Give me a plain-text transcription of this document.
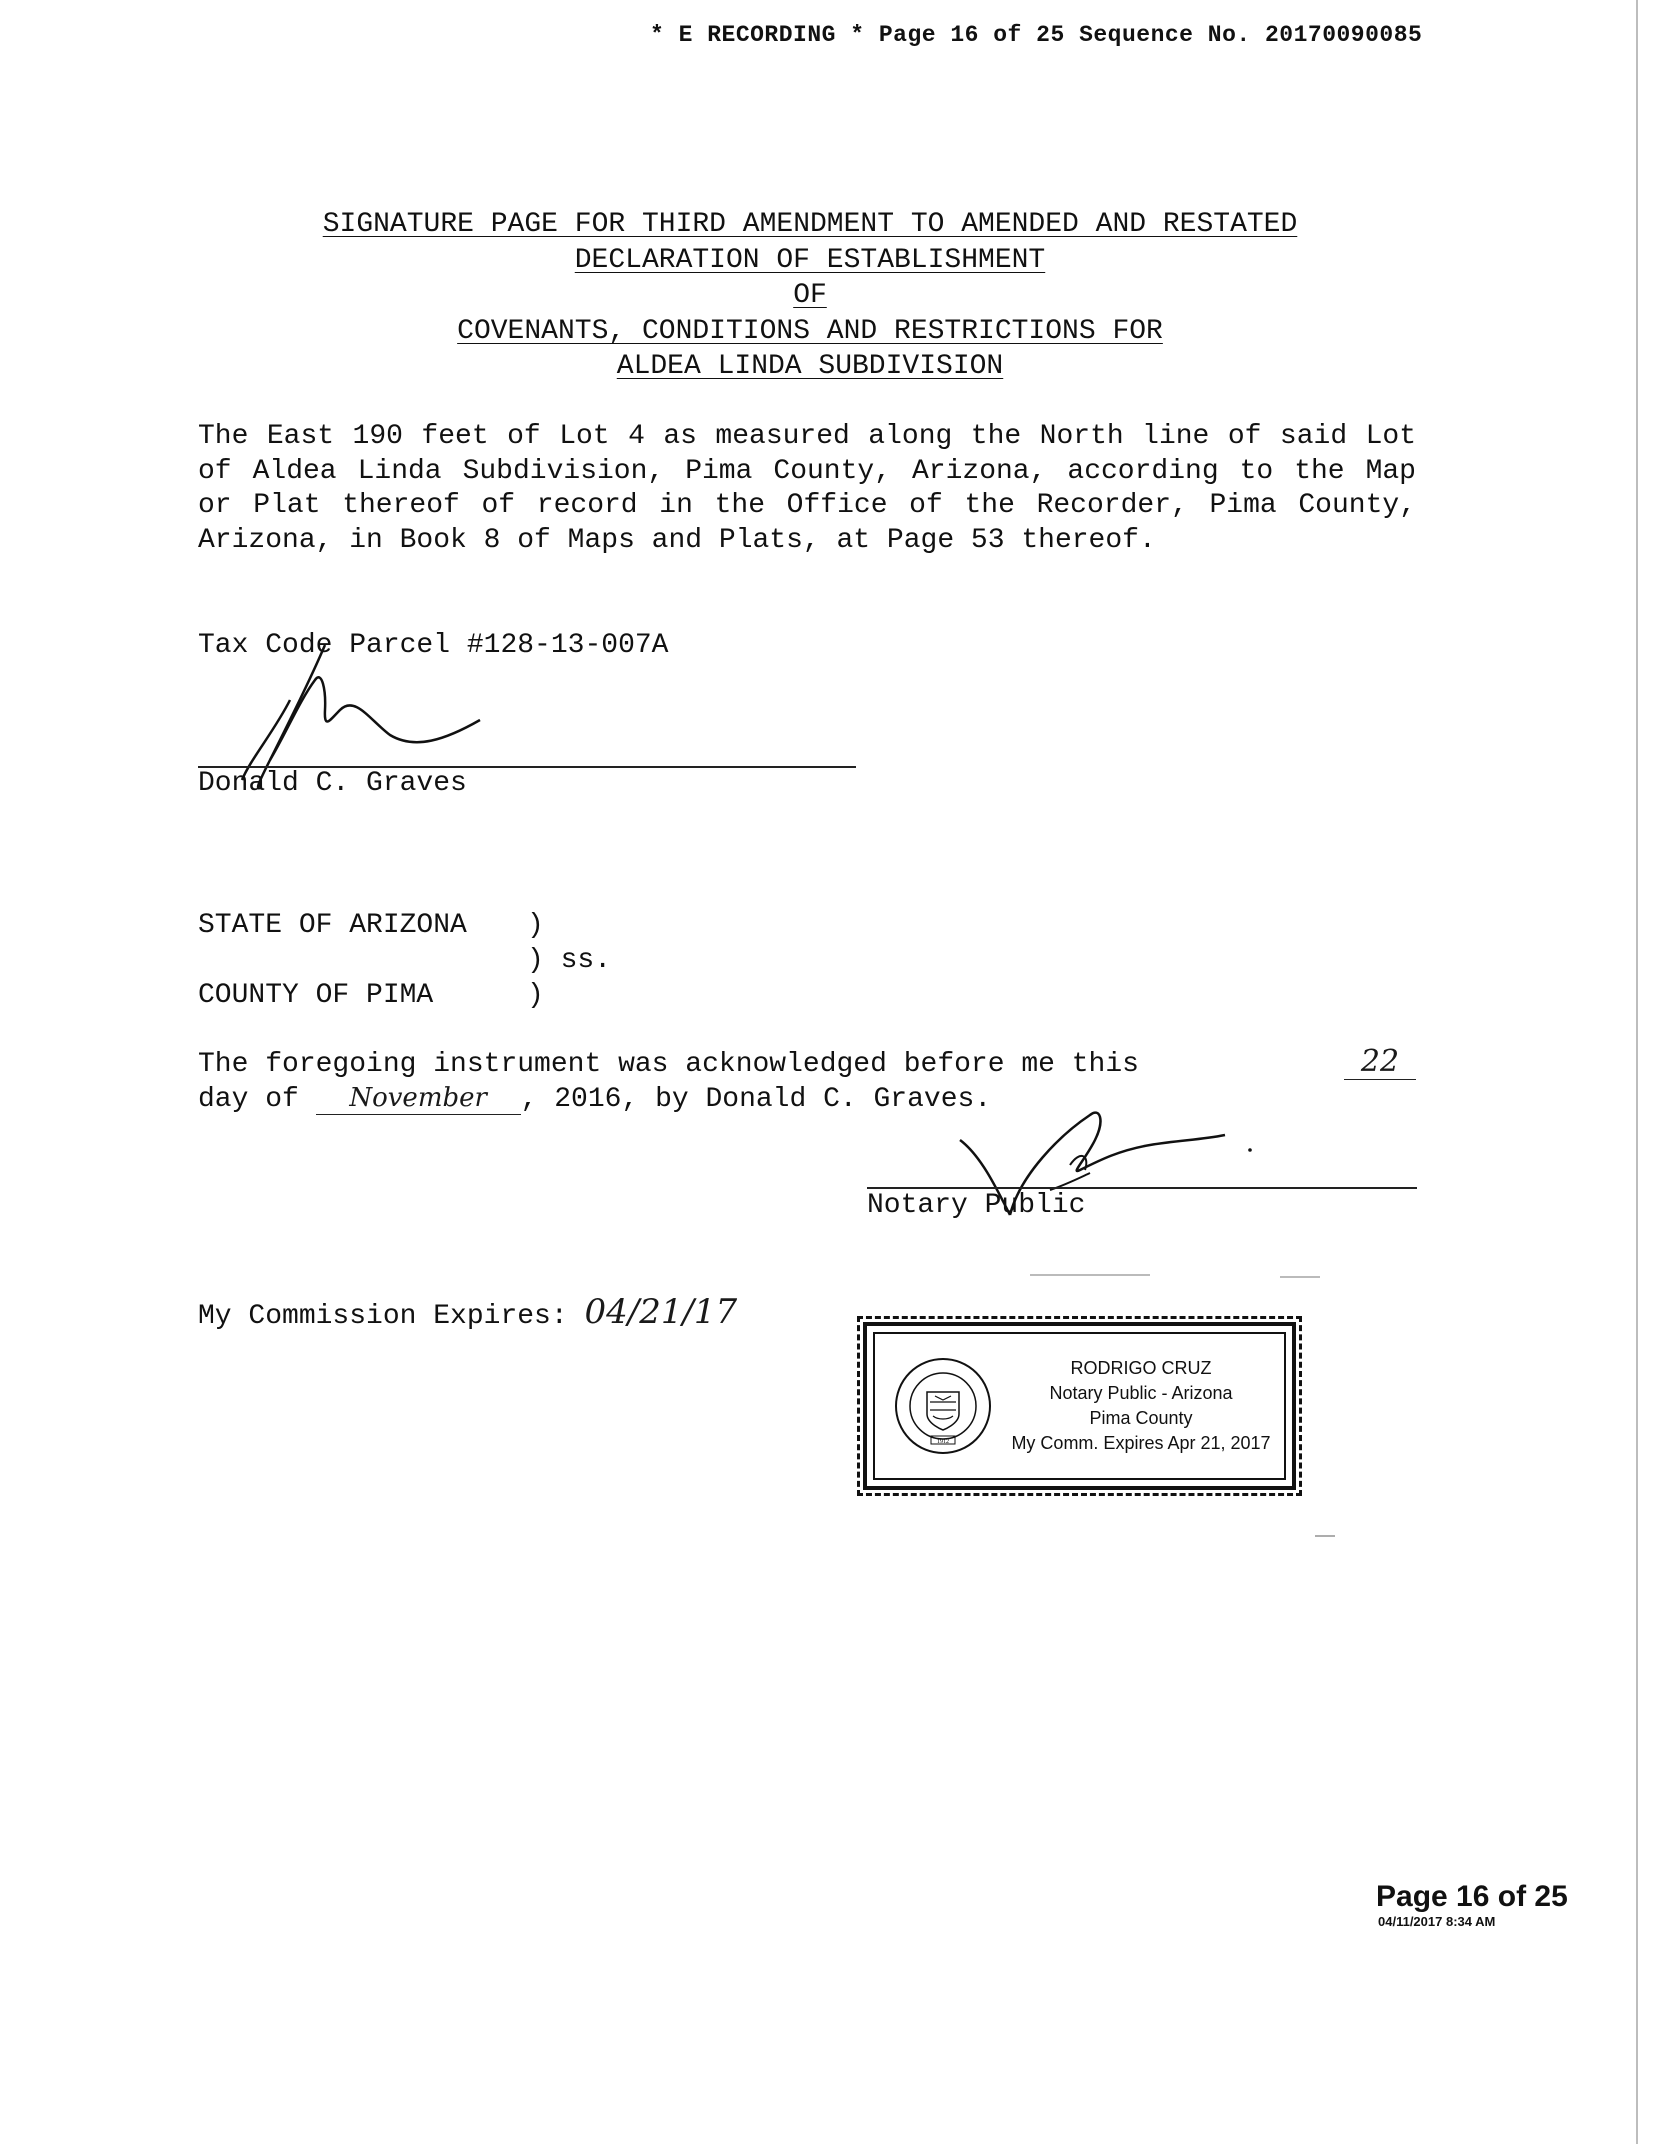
* E RECORDING * Page 16 of 25 Sequence No. 20170090085
SIGNATURE PAGE FOR THIRD AMENDMENT TO AMENDED AND RESTATED
DECLARATION OF ESTABLISHMENT
OF
COVENANTS, CONDITIONS AND RESTRICTIONS FOR
ALDEA LINDA SUBDIVISION
The East 190 feet of Lot 4 as measured along the North line of said Lot of Aldea Linda Subdivision, Pima County, Arizona, according to the Map or Plat thereof of record in the Office of the Recorder, Pima County, Arizona, in Book 8 of Maps and Plats, at Page 53 thereof.
Tax Code Parcel #128-13-007A
Donald C. Graves
STATE OF ARIZONA	)
) ss.
COUNTY OF PIMA	)
The foregoing instrument was acknowledged before me this	22
day of November , 2016, by Donald C. Graves.
Notary Public
My Commission Expires: 04/21/17
1912
RODRIGO CRUZ
Notary Public - Arizona
Pima County
My Comm. Expires Apr 21, 2017
Page 16 of 25
04/11/2017 8:34 AM
